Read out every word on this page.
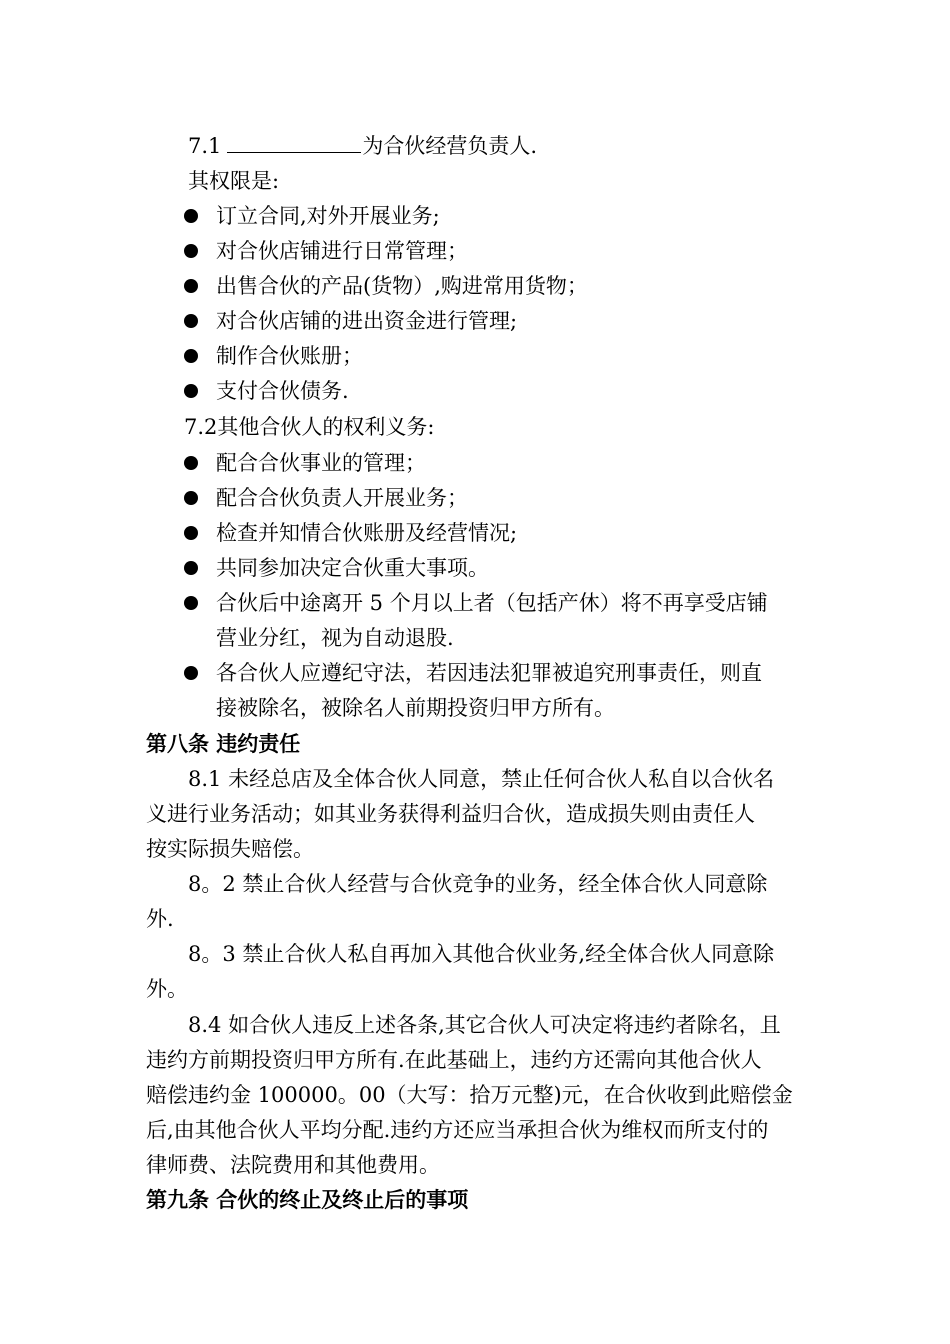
7.1	为合伙经营负责人.
其权限是:
订立合同,对外开展业务;
对合伙店铺进行日常管理；
出售合伙的产品(货物）,购进常用货物；
对合伙店铺的进出资金进行管理;
制作合伙账册；
支付合伙债务.
7.2其他合伙人的权利义务:
配合合伙事业的管理；
配合合伙负责人开展业务；
检查并知情合伙账册及经营情况;
共同参加决定合伙重大事项。
合伙后中途离开 5 个月以上者（包括产休）将不再享受店铺
营业分红，视为自动退股.
各合伙人应遵纪守法，若因违法犯罪被追究刑事责任，则直
接被除名，被除名人前期投资归甲方所有。
第八条 违约责任
8.1 未经总店及全体合伙人同意，禁止任何合伙人私自以合伙名
义进行业务活动；如其业务获得利益归合伙，造成损失则由责任人
按实际损失赔偿。
8。2 禁止合伙人经营与合伙竞争的业务，经全体合伙人同意除
外.
8。3 禁止合伙人私自再加入其他合伙业务,经全体合伙人同意除
外。
8.4 如合伙人违反上述各条,其它合伙人可决定将违约者除名，且
违约方前期投资归甲方所有.在此基础上，违约方还需向其他合伙人
赔偿违约金 100000。00（大写：拾万元整)元，在合伙收到此赔偿金
后,由其他合伙人平均分配.违约方还应当承担合伙为维权而所支付的
律师费、法院费用和其他费用。
第九条 合伙的终止及终止后的事项
